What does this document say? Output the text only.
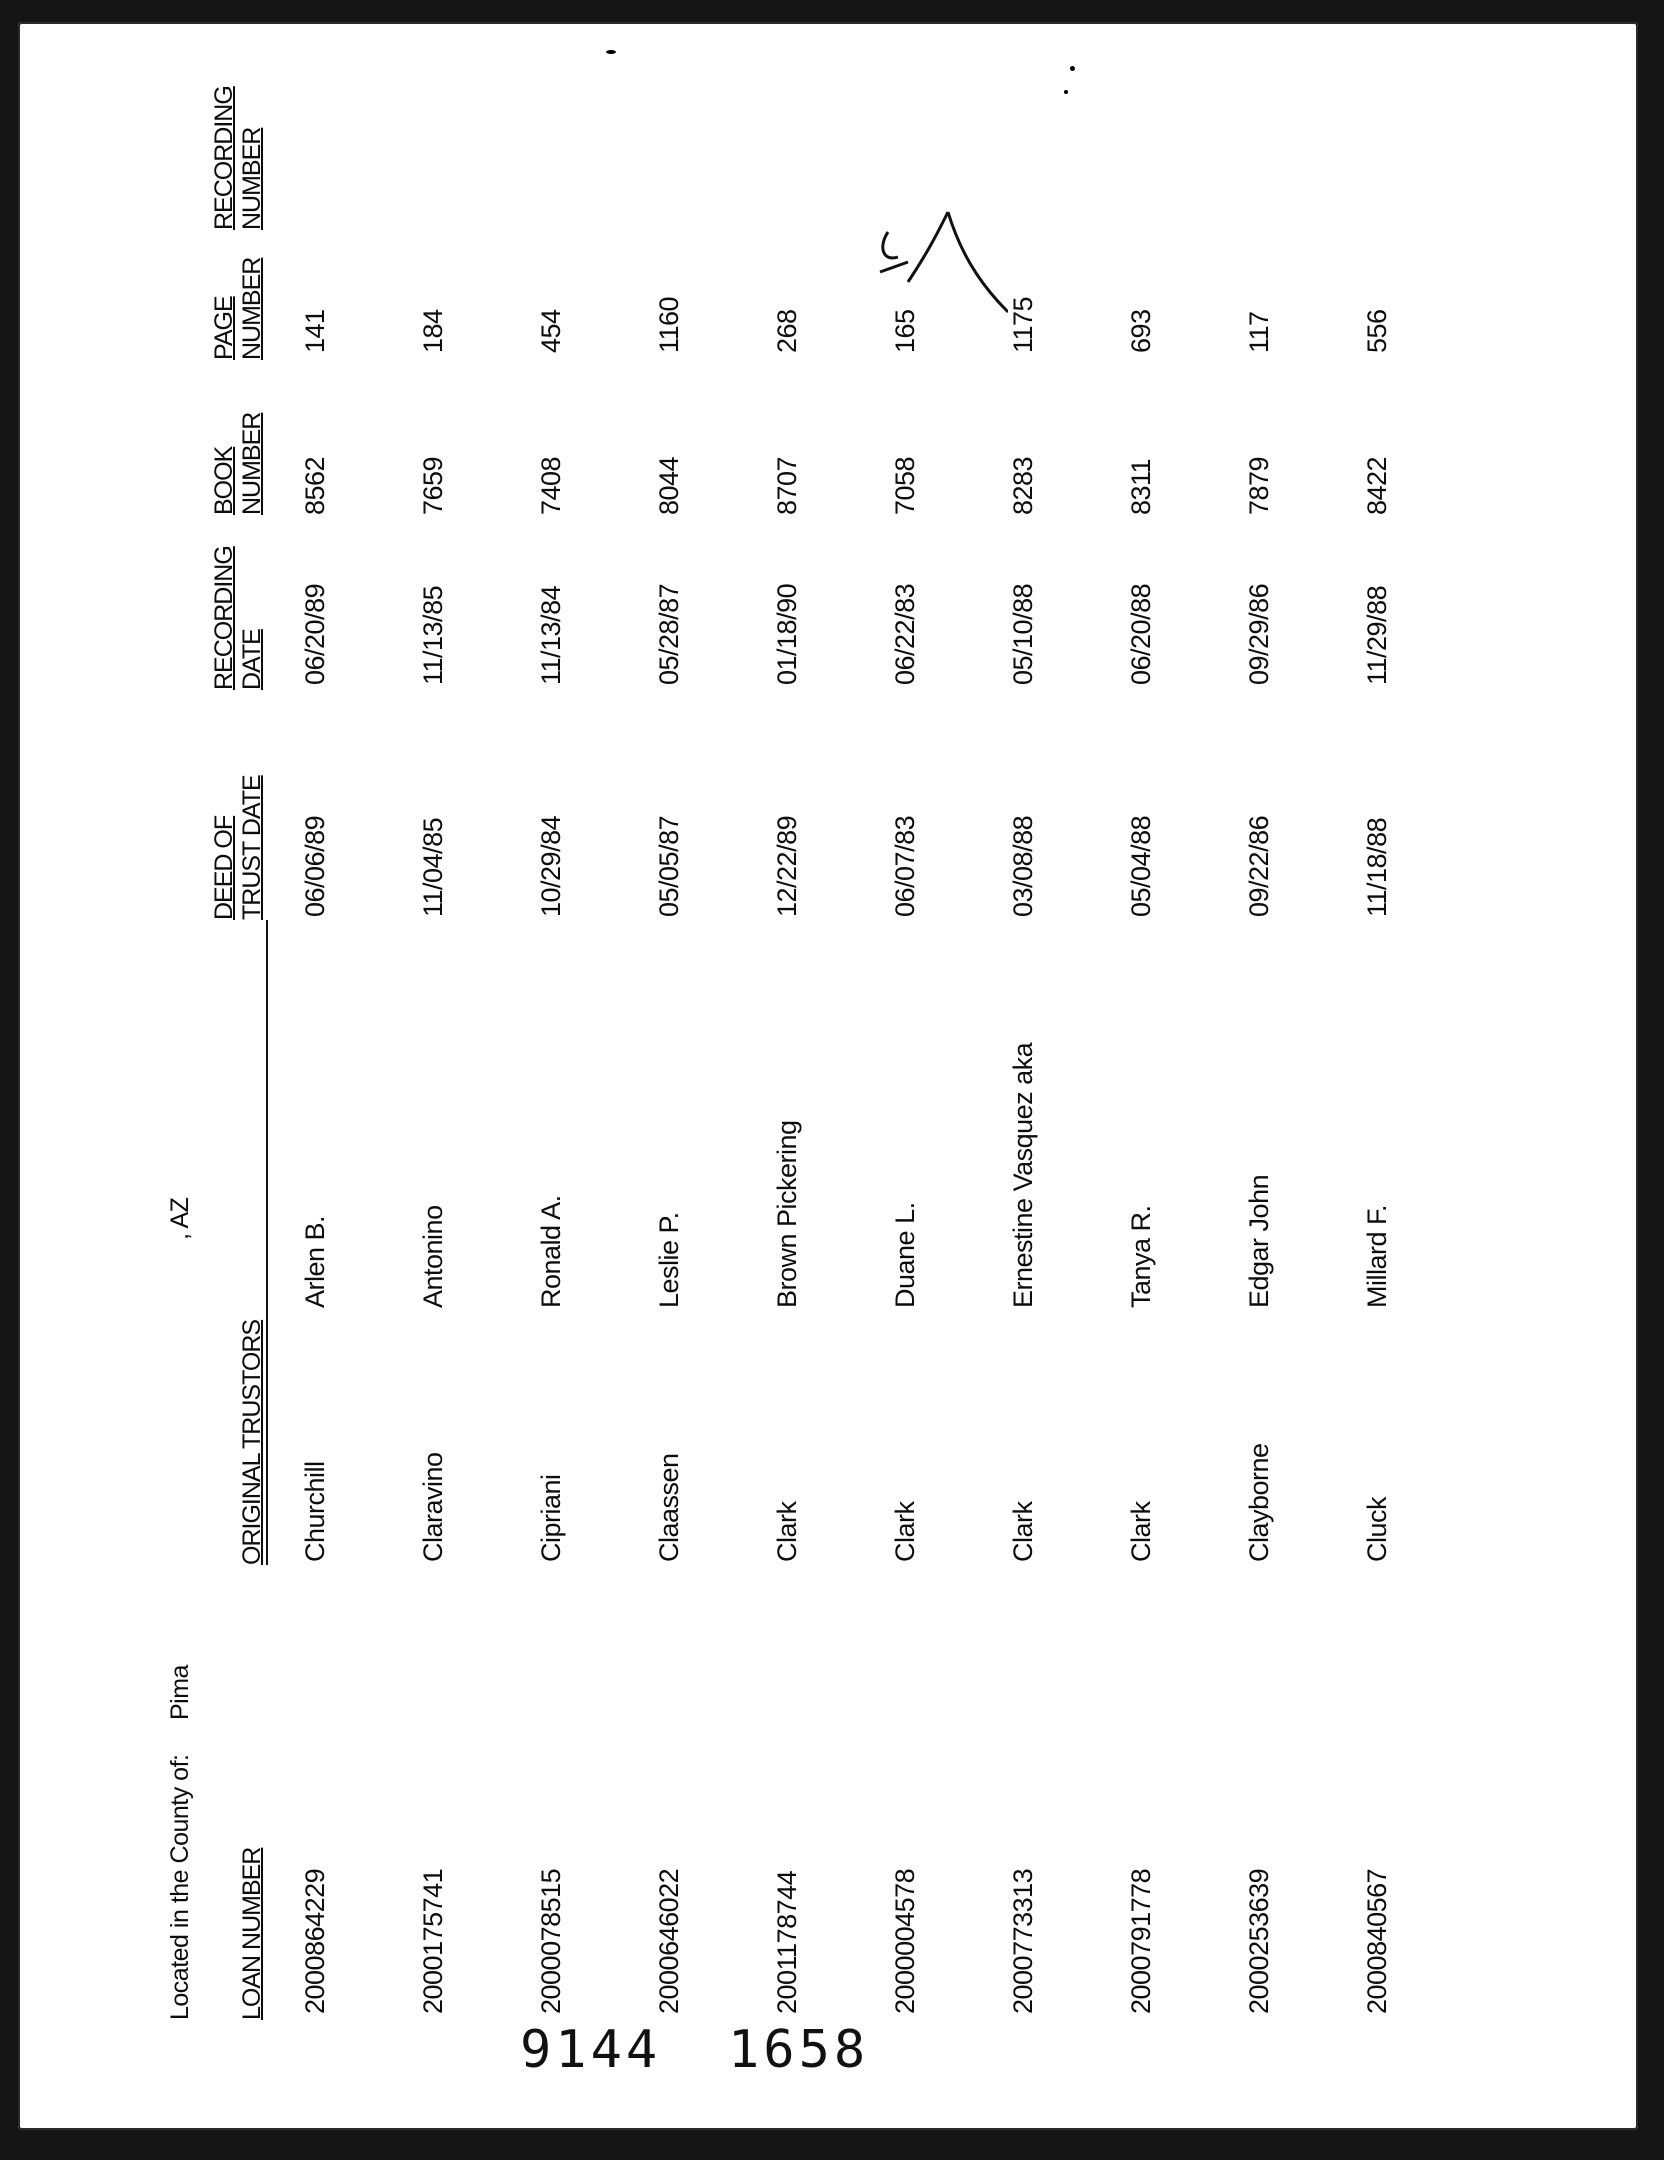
9144 1658
Located in the County of:
Pima
, AZ
LOAN NUMBER
ORIGINAL TRUSTORS
DEED OF TRUST DATE
RECORDING DATE
BOOK NUMBER
PAGE NUMBER
RECORDING NUMBER
2000864229
Churchill
Arlen B.
06/06/89
06/20/89
8562
141
2000175741
Claravino
Antonino
11/04/85
11/13/85
7659
184
2000078515
Cipriani
Ronald A.
10/29/84
11/13/84
7408
454
2000646022
Claassen
Leslie P.
05/05/87
05/28/87
8044
1160
2001178744
Clark
Brown Pickering
12/22/89
01/18/90
8707
268
2000004578
Clark
Duane L.
06/07/83
06/22/83
7058
165
2000773313
Clark
Ernestine Vasquez aka
03/08/88
05/10/88
8283
1175
2000791778
Clark
Tanya R.
05/04/88
06/20/88
8311
693
2000253639
Clayborne
Edgar John
09/22/86
09/29/86
7879
117
2000840567
Cluck
Millard F.
11/18/88
11/29/88
8422
556
